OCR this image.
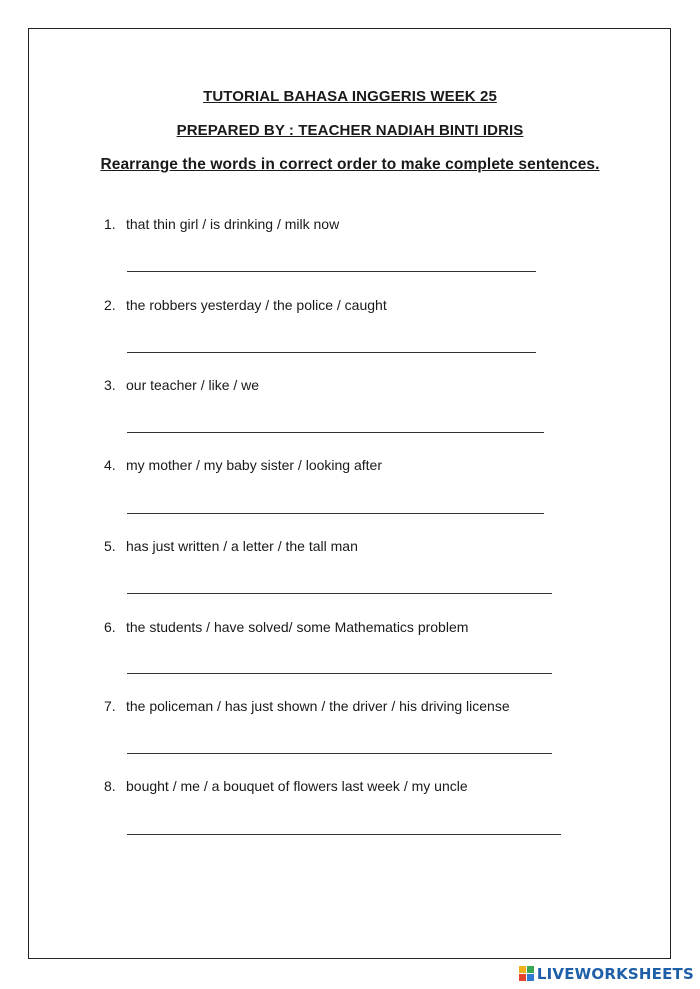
TUTORIAL BAHASA INGGERIS WEEK 25
PREPARED BY : TEACHER NADIAH BINTI IDRIS
Rearrange the words in correct order to make complete sentences.
1. that thin girl / is drinking / milk now
2. the robbers yesterday / the police / caught
3. our teacher / like / we
4. my mother / my baby sister / looking after
5. has just written / a letter / the tall man
6. the students / have solved/ some Mathematics problem
7. the policeman / has just shown / the driver / his driving license
8. bought / me / a bouquet of flowers last week / my uncle
LIVEWORKSHEETS
